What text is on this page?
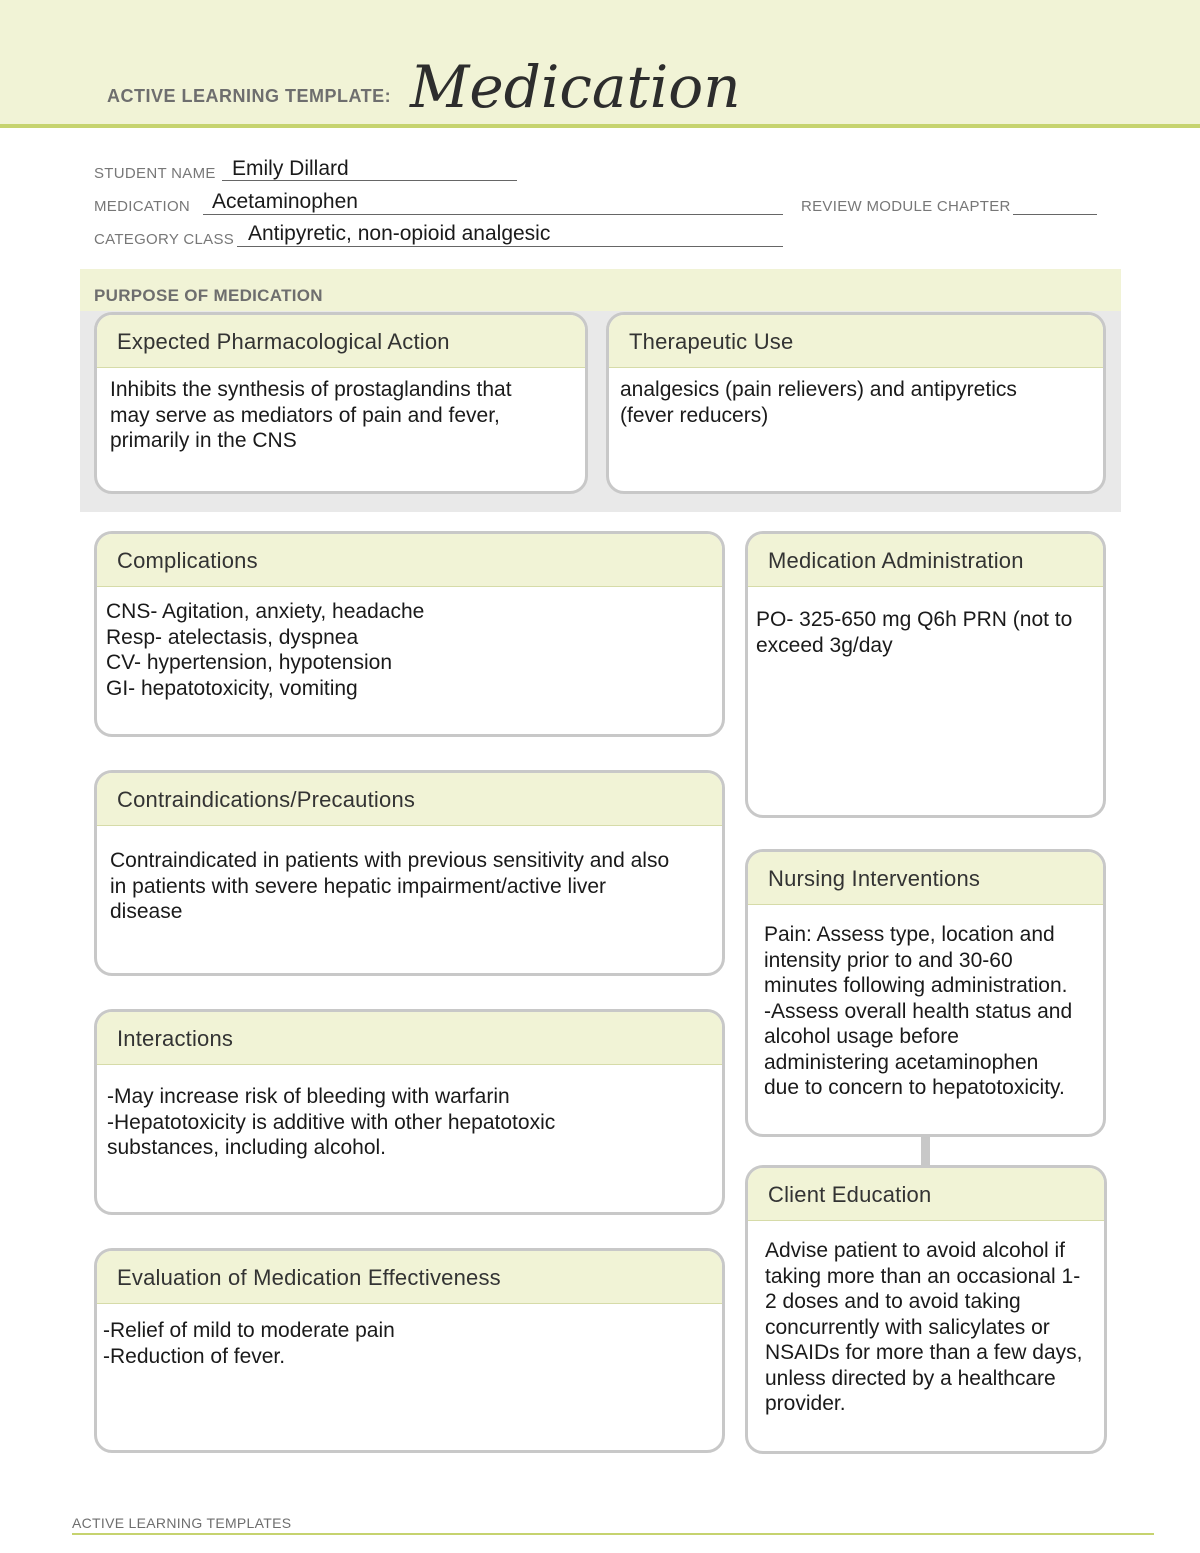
ACTIVE LEARNING TEMPLATE: Medication
STUDENT NAME Emily Dillard
MEDICATION Acetaminophen	REVIEW MODULE CHAPTER
CATEGORY CLASS Antipyretic, non-opioid analgesic
PURPOSE OF MEDICATION
Expected Pharmacological Action
Inhibits the synthesis of prostaglandins that
may serve as mediators of pain and fever,
primarily in the CNS
Therapeutic Use
analgesics (pain relievers) and antipyretics
(fever reducers)
Complications
CNS- Agitation, anxiety, headache
Resp- atelectasis, dyspnea
CV- hypertension, hypotension
GI- hepatotoxicity, vomiting
Contraindications/Precautions
Contraindicated in patients with previous sensitivity and also
in patients with severe hepatic impairment/active liver
disease
Interactions
-May increase risk of bleeding with warfarin
-Hepatotoxicity is additive with other hepatotoxic
substances, including alcohol.
Evaluation of Medication Effectiveness
-Relief of mild to moderate pain
-Reduction of fever.
Medication Administration
PO- 325-650 mg Q6h PRN (not to
exceed 3g/day
Nursing Interventions
Pain: Assess type, location and
intensity prior to and 30-60
minutes following administration.
-Assess overall health status and
alcohol usage before
administering acetaminophen
due to concern to hepatotoxicity.
Client Education
Advise patient to avoid alcohol if
taking more than an occasional 1-
2 doses and to avoid taking
concurrently with salicylates or
NSAIDs for more than a few days,
unless directed by a healthcare
provider.
ACTIVE LEARNING TEMPLATES
